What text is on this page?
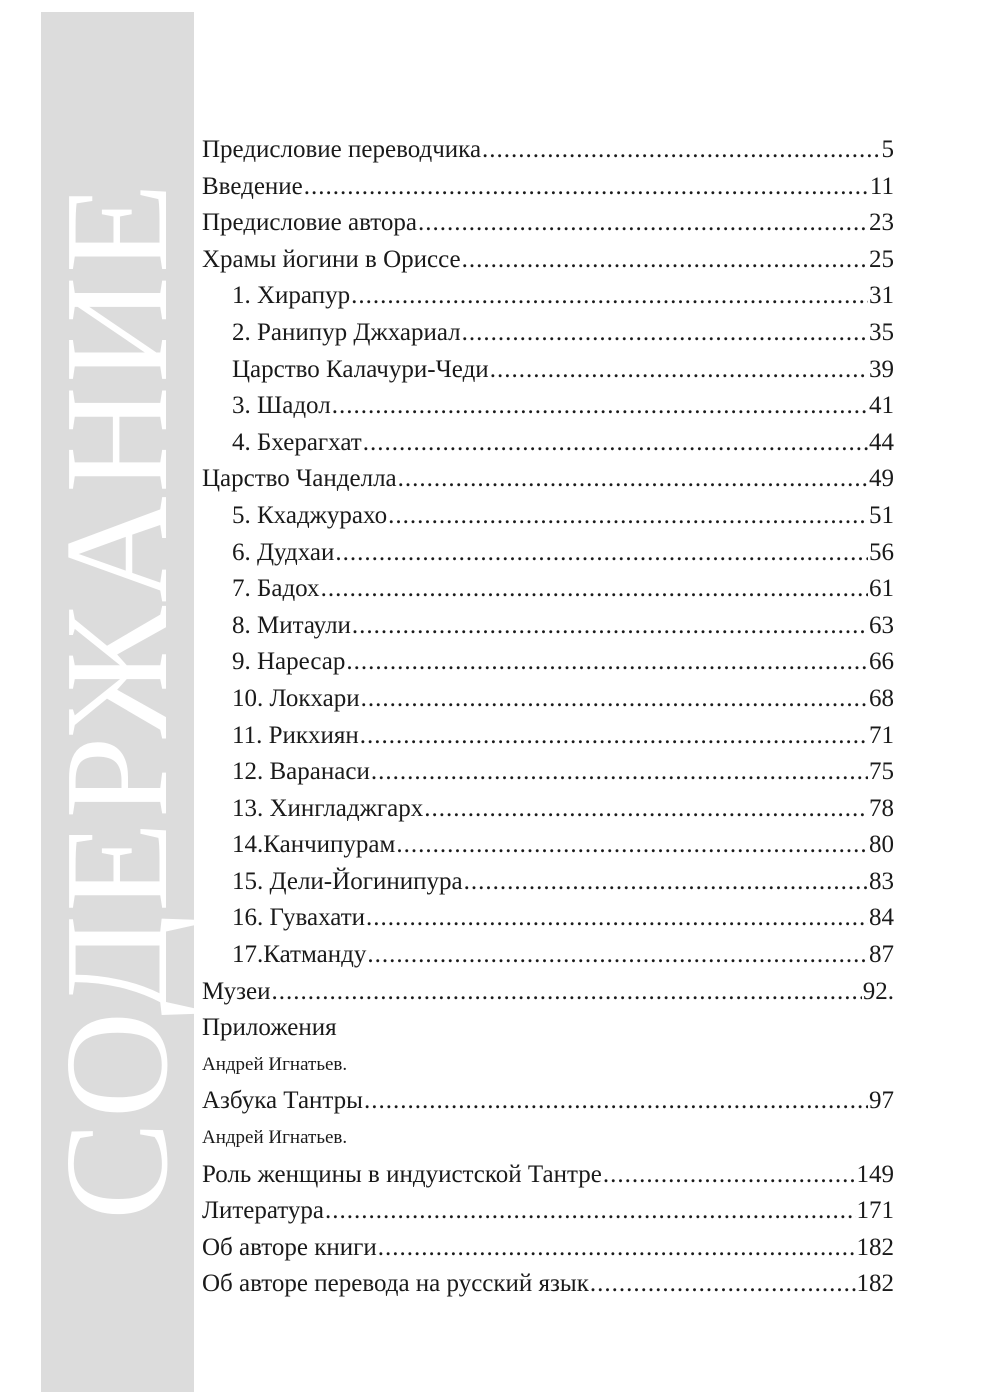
СОДЕРЖАНИЕ
Предисловие переводчика .....	5
Введение .....	11
Предисловие автора .....	23
Храмы йогини в Ориссе .....	25
1. Хирапур .....	31
2. Ранипур Джхариал .....	35
Царство Калачури-Чеди .....	39
3. Шадол .....	41
4. Бхерагхат .....	44
Царство Чанделла .....	49
5. Кхаджурахо .....	51
6. Дудхаи .....	56
7. Бадох .....	61
8. Митаули .....	63
9. Наресар .....	66
10. Локхари .....	68
11. Рикхиян .....	71
12. Варанаси .....	75
13. Хингладжгарх .....	78
14.Канчипурам .....	80
15. Дели-Йогинипура .....	83
16. Гувахати .....	84
17.Катманду .....	87
Музеи .....	92.
Приложения
Андрей Игнатьев.
Азбука Тантры .....	97
Андрей Игнатьев.
Роль женщины в индуистской Тантре .....	149
Литература .....	171
Об авторе книги .....	182
Об авторе перевода на русский язык .....	182
